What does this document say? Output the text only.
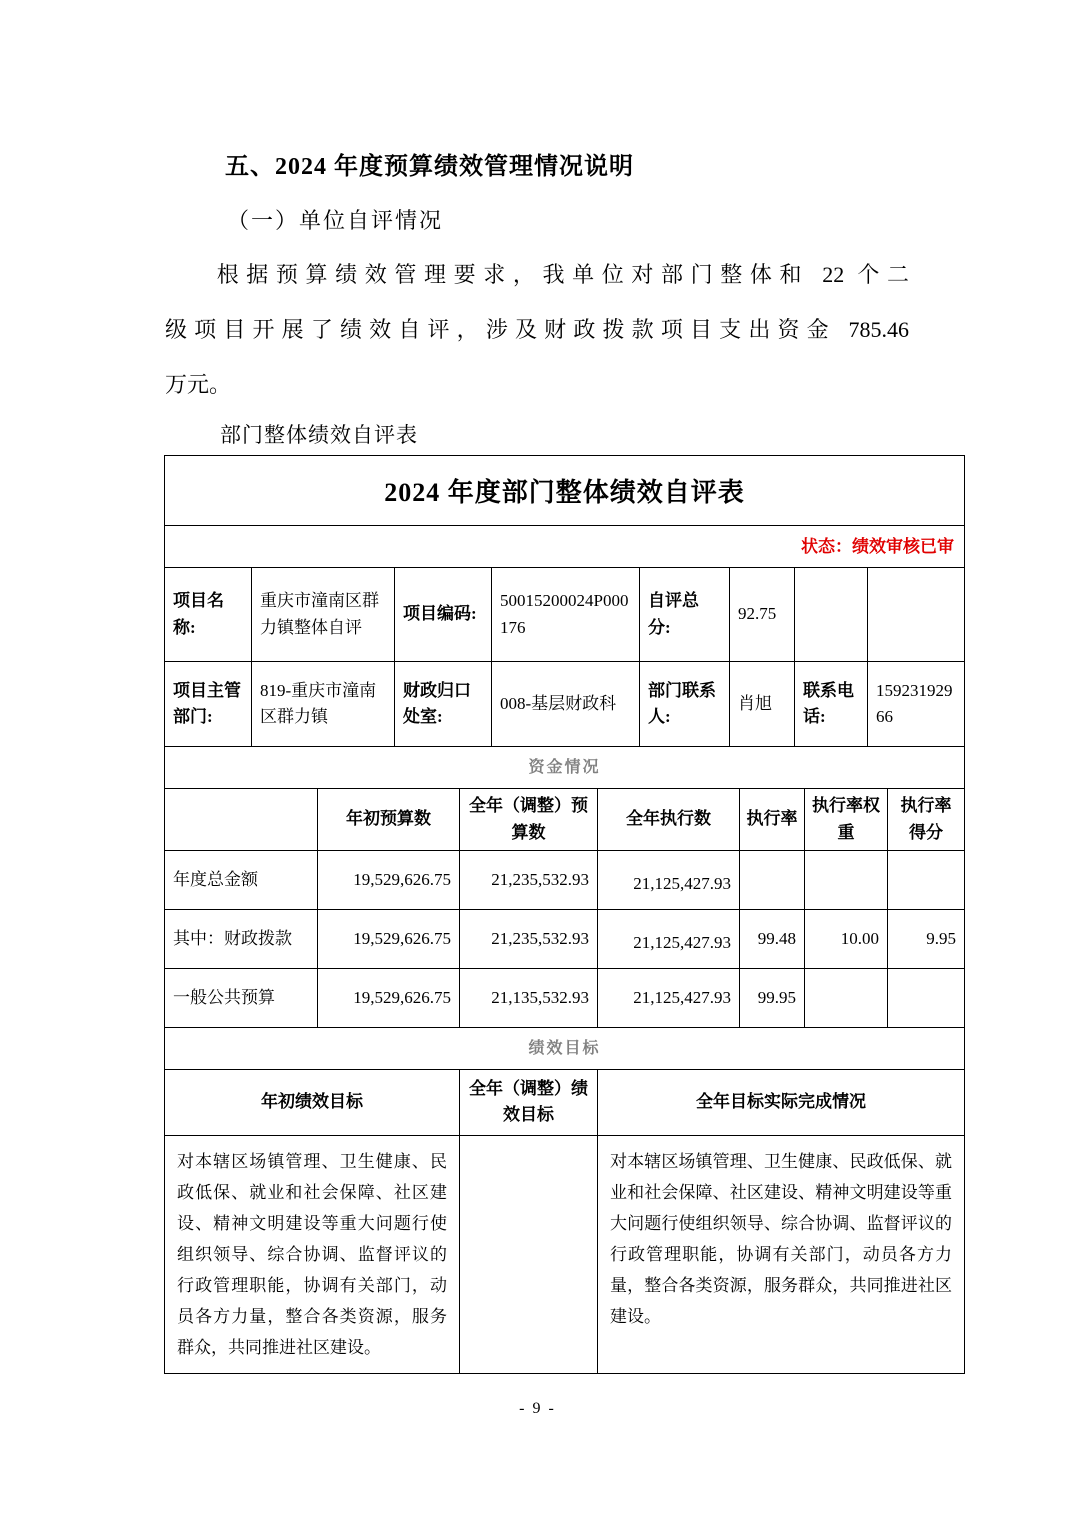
五、2024 年度预算绩效管理情况说明
（一）单位自评情况
根据预算绩效管理要求，我单位对部门整体和 22 个二
级项目开展了绩效自评，涉及财政拨款项目支出资金 785.46
万元。
部门整体绩效自评表
2024 年度部门整体绩效自评表
状态：绩效审核已审
项目名称:	重庆市潼南区群力镇整体自评	项目编码:	50015200024P000176	自评总分:	92.75		
项目主管部门:	819-重庆市潼南区群力镇	财政归口处室:	008-基层财政科	部门联系人:	肖旭	联系电话:	15923192966
资金情况
	年初预算数	全年（调整）预算数	全年执行数	执行率	执行率权重	执行率得分
年度总金额	19,529,626.75	21,235,532.93	21,125,427.93			
其中：财政拨款	19,529,626.75	21,235,532.93	21,125,427.93	99.48	10.00	9.95
一般公共预算	19,529,626.75	21,135,532.93	21,125,427.93	99.95		
绩效目标
年初绩效目标	全年（调整）绩效目标	全年目标实际完成情况
对本辖区场镇管理、卫生健康、民政低保、就业和社会保障、社区建设、精神文明建设等重大问题行使组织领导、综合协调、监督评议的行政管理职能，协调有关部门，动员各方力量，整合各类资源，服务群众，共同推进社区建设。		对本辖区场镇管理、卫生健康、民政低保、就业和社会保障、社区建设、精神文明建设等重大问题行使组织领导、综合协调、监督评议的行政管理职能，协调有关部门，动员各方力量，整合各类资源，服务群众，共同推进社区建设。
- 9 -
